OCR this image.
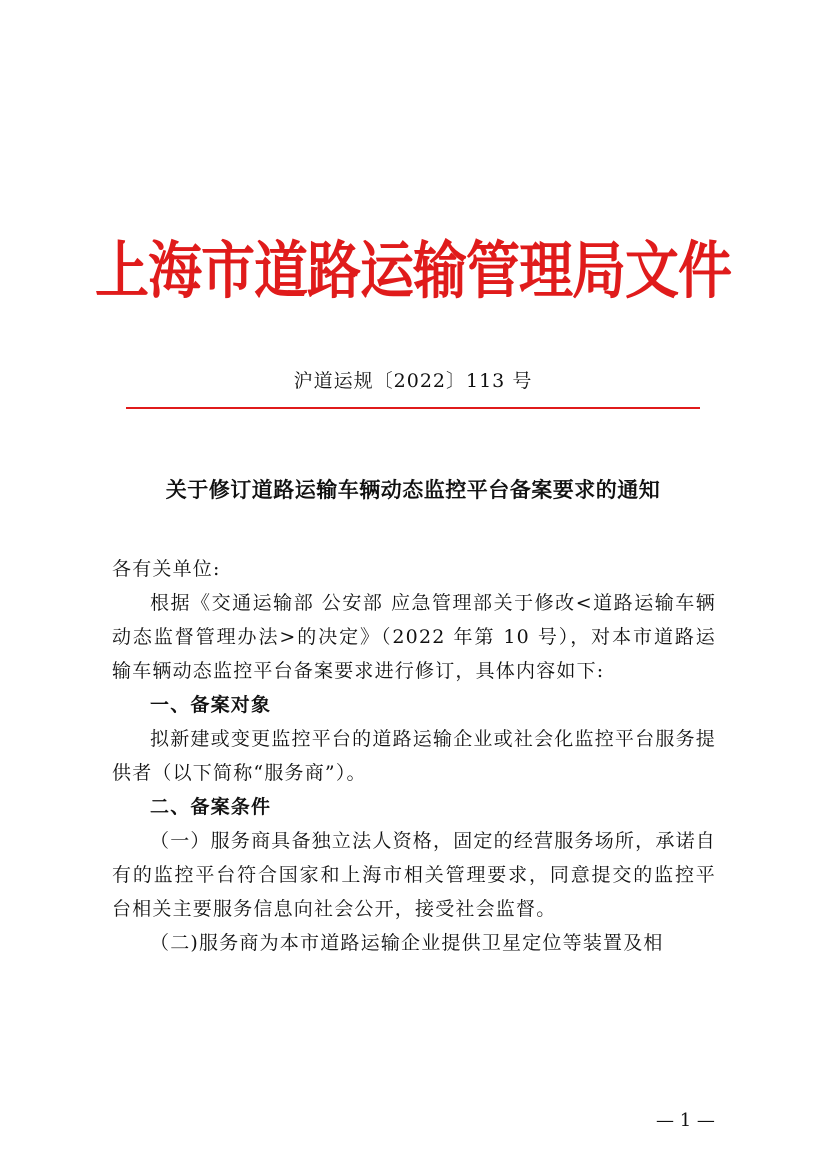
上海市道路运输管理局文件
沪道运规〔2022〕113 号
关于修订道路运输车辆动态监控平台备案要求的通知

各有关单位:

根据《交通运输部 公安部 应急管理部关于修改<道路运输车辆动态监督管理办法>的决定》（2022 年第 10 号），对本市道路运输车辆动态监控平台备案要求进行修订，具体内容如下:

一、备案对象

拟新建或变更监控平台的道路运输企业或社会化监控平台服务提供者（以下简称“服务商”）。

二、备案条件

（一）服务商具备独立法人资格，固定的经营服务场所，承诺自有的监控平台符合国家和上海市相关管理要求，同意提交的监控平台相关主要服务信息向社会公开，接受社会监督。

（二)服务商为本市道路运输企业提供卫星定位等装置及相

— 1 —
